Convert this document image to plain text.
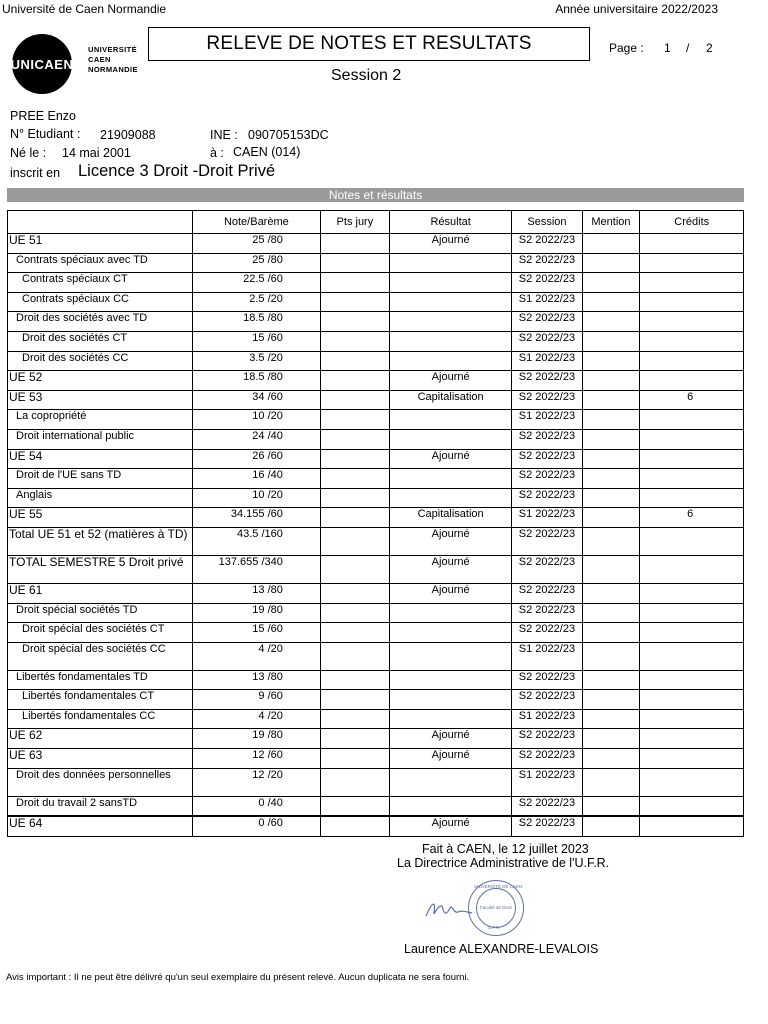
Université de Caen Normandie	Année universitaire 2022/2023
UNICAEN
UNIVERSITÉ
CAEN
NORMANDIE
RELEVE DE NOTES ET RESULTATS
Session 2
Page : 1 / 2
PREE Enzo
N° Etudiant : 21909088	INE : 090705153DC
Né le : 14 mai 2001	à : CAEN (014)
inscrit en Licence 3 Droit -Droit Privé
Notes et résultats
	Note/Barème	Pts jury	Résultat	Session	Mention	Crédits
UE 51	25 /80		Ajourné	S2 2022/23		
Contrats spéciaux avec TD	25 /80			S2 2022/23		
Contrats spéciaux CT	22.5 /60			S2 2022/23		
Contrats spéciaux CC	2.5 /20			S1 2022/23		
Droit des sociétés avec TD	18.5 /80			S2 2022/23		
Droit des sociétés CT	15 /60			S2 2022/23		
Droit des sociétés CC	3.5 /20			S1 2022/23		
UE 52	18.5 /80		Ajourné	S2 2022/23		
UE 53	34 /60		Capitalisation	S2 2022/23		6
La copropriété	10 /20			S1 2022/23		
Droit international public	24 /40			S2 2022/23		
UE 54	26 /60		Ajourné	S2 2022/23		
Droit de l'UE sans TD	16 /40			S2 2022/23		
Anglais	10 /20			S2 2022/23		
UE 55	34.155 /60		Capitalisation	S1 2022/23		6
Total UE 51 et 52 (matières à TD)	43.5 /160		Ajourné	S2 2022/23		
TOTAL SEMESTRE 5 Droit privé	137.655 /340		Ajourné	S2 2022/23		
UE 61	13 /80		Ajourné	S2 2022/23		
Droit spécial sociétés TD	19 /80			S2 2022/23		
Droit spécial des sociétés CT	15 /60			S2 2022/23		
Droit spécial des sociétés CC	4 /20			S1 2022/23		
Libertés fondamentales TD	13 /80			S2 2022/23		
Libertés fondamentales CT	9 /60			S2 2022/23		
Libertés fondamentales CC	4 /20			S1 2022/23		
UE 62	19 /80		Ajourné	S2 2022/23		
UE 63	12 /60		Ajourné	S2 2022/23		
Droit des données personnelles	12 /20			S1 2022/23		
Droit du travail 2 sansTD	0 /40			S2 2022/23		
UE 64	0 /60		Ajourné	S2 2022/23		
Fait à CAEN, le 12 juillet 2023
La Directrice Administrative de l'U.F.R.
UNIVERSITÉ DE CAEN
Faculté de Droit
U.F.R.
Laurence ALEXANDRE-LEVALOIS
Avis important : Il ne peut être délivré qu'un seul exemplaire du présent relevé. Aucun duplicata ne sera fourni.
